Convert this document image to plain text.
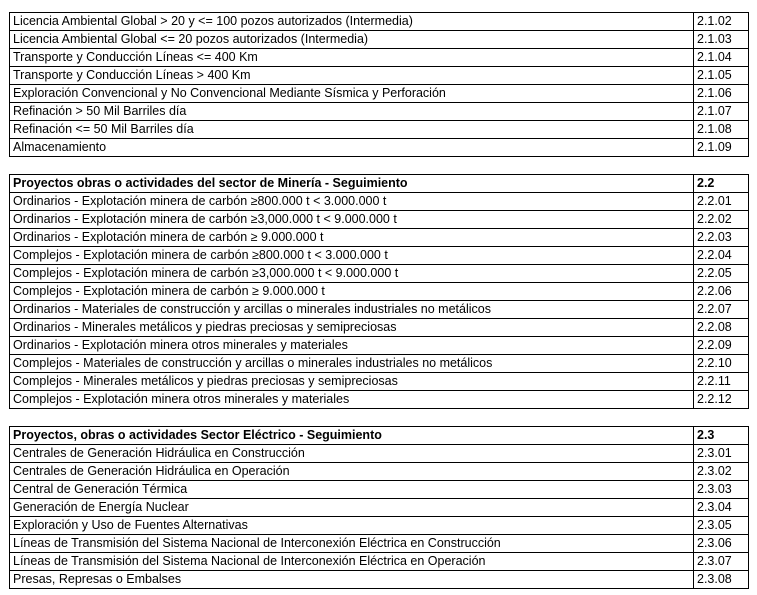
Licencia Ambiental Global > 20 y <= 100 pozos autorizados (Intermedia)	2.1.02
Licencia Ambiental Global <= 20 pozos autorizados (Intermedia)	2.1.03
Transporte y Conducción Líneas <= 400 Km	2.1.04
Transporte y Conducción Líneas > 400 Km	2.1.05
Exploración Convencional y No Convencional Mediante Sísmica y Perforación	2.1.06
Refinación > 50 Mil Barriles día	2.1.07
Refinación <= 50 Mil Barriles día	2.1.08
Almacenamiento	2.1.09
Proyectos obras o actividades del sector de Minería - Seguimiento	2.2
Ordinarios - Explotación minera de carbón ≥800.000 t < 3.000.000 t	2.2.01
Ordinarios - Explotación minera de carbón ≥3,000.000 t < 9.000.000 t	2.2.02
Ordinarios - Explotación minera de carbón ≥ 9.000.000 t	2.2.03
Complejos - Explotación minera de carbón ≥800.000 t < 3.000.000 t	2.2.04
Complejos - Explotación minera de carbón ≥3,000.000 t < 9.000.000 t	2.2.05
Complejos - Explotación minera de carbón ≥ 9.000.000 t	2.2.06
Ordinarios - Materiales de construcción y arcillas o minerales industriales no metálicos	2.2.07
Ordinarios - Minerales metálicos y piedras preciosas y semipreciosas	2.2.08
Ordinarios - Explotación minera otros minerales y materiales	2.2.09
Complejos - Materiales de construcción y arcillas o minerales industriales no metálicos	2.2.10
Complejos - Minerales metálicos y piedras preciosas y semipreciosas	2.2.11
Complejos - Explotación minera otros minerales y materiales	2.2.12
Proyectos, obras o actividades Sector Eléctrico - Seguimiento	2.3
Centrales de Generación Hidráulica en Construcción	2.3.01
Centrales de Generación Hidráulica en Operación	2.3.02
Central de Generación Térmica	2.3.03
Generación de Energía Nuclear	2.3.04
Exploración y Uso de Fuentes Alternativas	2.3.05
Líneas de Transmisión del Sistema Nacional de Interconexión Eléctrica en Construcción	2.3.06
Líneas de Transmisión del Sistema Nacional de Interconexión Eléctrica en Operación	2.3.07
Presas, Represas o Embalses	2.3.08
